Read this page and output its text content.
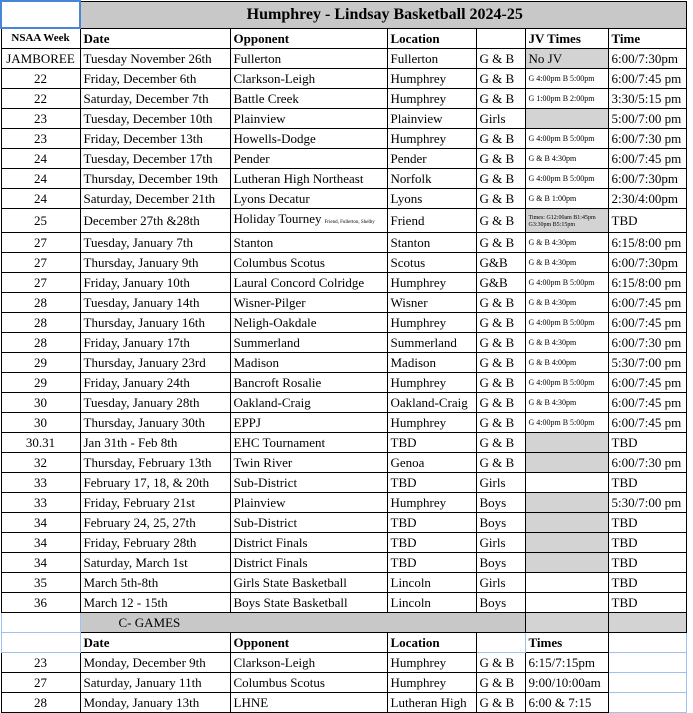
	Humphrey - Lindsay Basketball 2024-25					
NSAA Week	Date	Opponent	Location		JV Times	Time
JAMBOREE	Tuesday November 26th	Fullerton	Fullerton	G & B	No JV	6:00/7:30pm
22	Friday, December 6th	Clarkson-Leigh	Humphrey	G & B	G 4:00pm B 5:00pm	6:00/7:45 pm
22	Saturday, December 7th	Battle Creek	Humphrey	G & B	G 1:00pm B 2:00pm	3:30/5:15 pm
23	Tuesday, December 10th	Plainview	Plainview	Girls		5:00/7:00 pm
23	Friday, December 13th	Howells-Dodge	Humphrey	G & B	G 4:00pm B 5:00pm	6:00/7:30 pm
24	Tuesday, December 17th	Pender	Pender	G & B	G & B 4:30pm	6:00/7:45 pm
24	Thursday, December 19th	Lutheran High Northeast	Norfolk	G & B	G 4:00pm B 5:00pm	6:00/7:30pm
24	Saturday, December 21th	Lyons Decatur	Lyons	G & B	G & B 1:00pm	2:30/4:00pm
25	December 27th &28th	Holiday Tourney Friend, Fullerton, Shelby	Friend	G & B	Times: G12:00am B1:45pm G3:30pm B5:15pm	TBD
27	Tuesday, January 7th	Stanton	Stanton	G & B	G & B 4:30pm	6:15/8:00 pm
27	Thursday, January 9th	Columbus Scotus	Scotus	G&B	G & B 4:30pm	6:00/7:30pm
27	Friday, January 10th	Laural Concord Colridge	Humphrey	G&B	G 4:00pm B 5:00pm	6:15/8:00 pm
28	Tuesday, January 14th	Wisner-Pilger	Wisner	G & B	G & B 4:30pm	6:00/7:45 pm
28	Thursday, January 16th	Neligh-Oakdale	Humphrey	G & B	G 4:00pm B 5:00pm	6:00/7:45 pm
28	Friday, January 17th	Summerland	Summerland	G & B	G & B 4:30pm	6:00/7:30 pm
29	Thursday, January 23rd	Madison	Madison	G & B	G & B 4:00pm	5:30/7:00 pm
29	Friday, January 24th	Bancroft Rosalie	Humphrey	G & B	G 4:00pm B 5:00pm	6:00/7:45 pm
30	Tuesday, January 28th	Oakland-Craig	Oakland-Craig	G & B	G & B 4:30pm	6:00/7:45 pm
30	Thursday, January 30th	EPPJ	Humphrey	G & B	G 4:00pm B 5:00pm	6:00/7:45 pm
30.31	Jan 31th - Feb 8th	EHC Tournament	TBD	G & B		TBD
32	Thursday, February 13th	Twin River	Genoa	G & B		6:00/7:30 pm
33	February 17, 18, & 20th	Sub-District	TBD	Girls		TBD
33	Friday, February 21st	Plainview	Humphrey	Boys		5:30/7:00 pm
34	February 24, 25, 27th	Sub-District	TBD	Boys		TBD
34	Friday, February 28th	District Finals	TBD	Girls		TBD
34	Saturday, March 1st	District Finals	TBD	Boys		TBD
35	March 5th-8th	Girls State Basketball	Lincoln	Girls		TBD
36	March 12 - 15th	Boys State Basketball	Lincoln	Boys		TBD
	C- GAMES					
	Date	Opponent	Location		Times	
23	Monday, December 9th	Clarkson-Leigh	Humphrey	G & B	6:15/7:15pm	
27	Saturday, January 11th	Columbus Scotus	Humphrey	G & B	9:00/10:00am	
28	Monday, January 13th	LHNE	Lutheran High	G & B	6:00 & 7:15	
